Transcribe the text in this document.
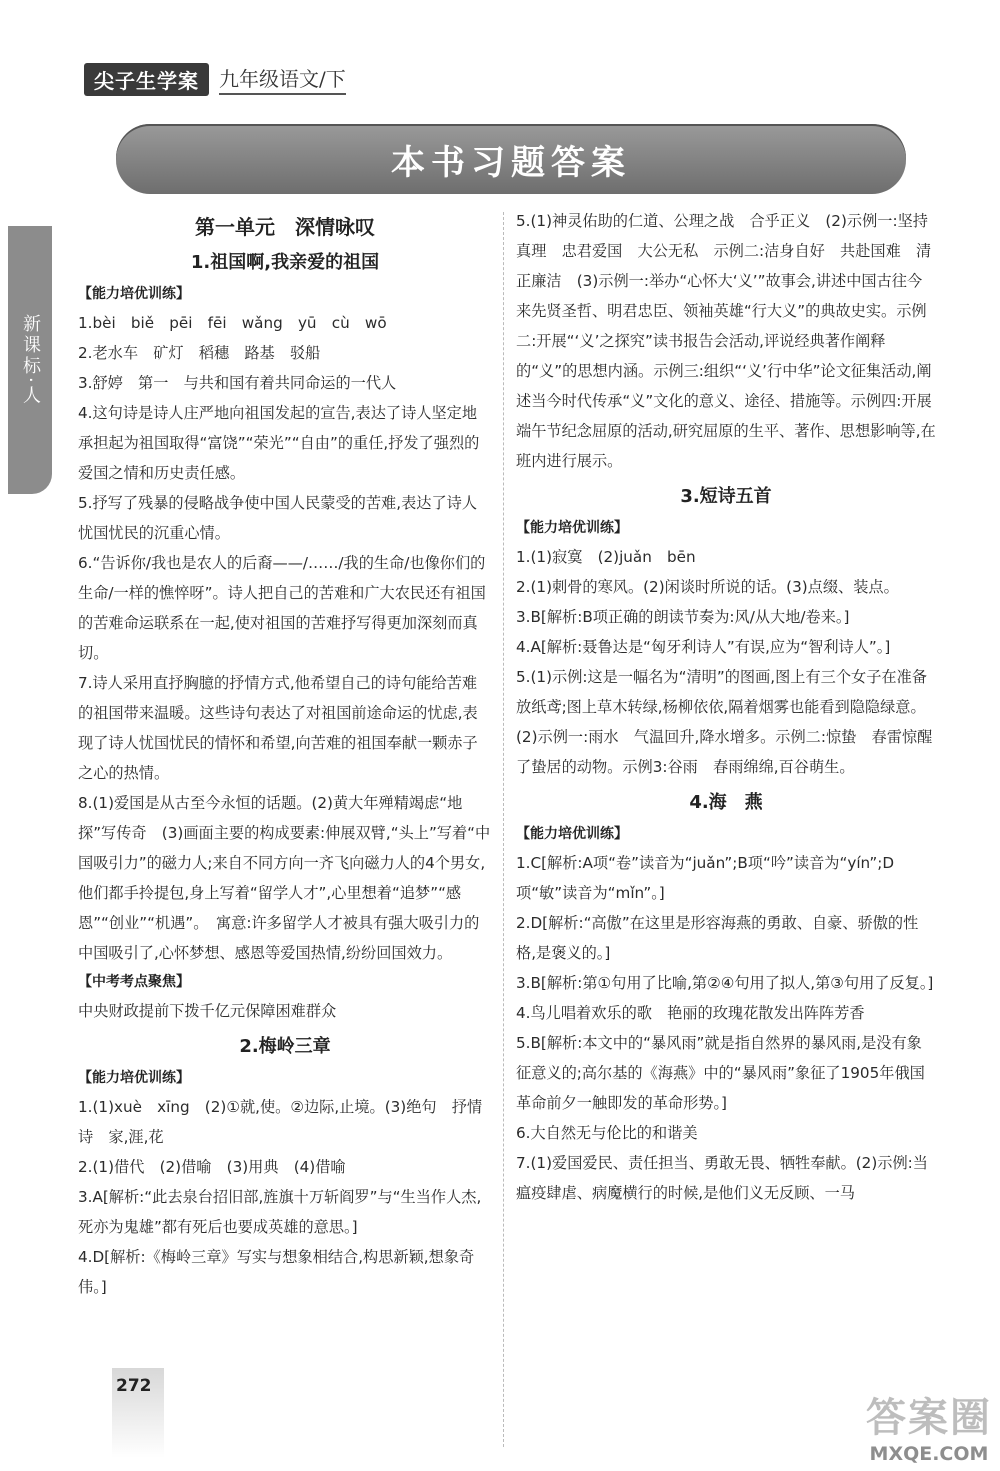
尖子生学案	九年级语文/下
本书习题答案
新课标·人
第一单元　深情咏叹
1.祖国啊,我亲爱的祖国
【能力培优训练】
1.bèi　biě　pēi　fēi　wǎng　yū　cù　wō
2.老水车　矿灯　稻穗　路基　驳船
3.舒婷　第一　与共和国有着共同命运的一代人
4.这句诗是诗人庄严地向祖国发起的宣告,表达了诗人坚定地承担起为祖国取得“富饶”“荣光”“自由”的重任,抒发了强烈的爱国之情和历史责任感。
5.抒写了残暴的侵略战争使中国人民蒙受的苦难,表达了诗人忧国忧民的沉重心情。
6.“告诉你/我也是农人的后裔——/……/我的生命/也像你们的生命/一样的憔悴呀”。诗人把自己的苦难和广大农民还有祖国的苦难命运联系在一起,使对祖国的苦难抒写得更加深刻而真切。
7.诗人采用直抒胸臆的抒情方式,他希望自己的诗句能给苦难的祖国带来温暖。这些诗句表达了对祖国前途命运的忧虑,表现了诗人忧国忧民的情怀和希望,向苦难的祖国奉献一颗赤子之心的热情。
8.(1)爱国是从古至今永恒的话题。(2)黄大年殚精竭虑“地探”写传奇　(3)画面主要的构成要素:伸展双臂,“头上”写着“中国吸引力”的磁力人;来自不同方向一齐飞向磁力人的4个男女,他们都手拎提包,身上写着“留学人才”,心里想着“追梦”“感恩”“创业”“机遇”。　寓意:许多留学人才被具有强大吸引力的中国吸引了,心怀梦想、感恩等爱国热情,纷纷回国效力。
【中考考点聚焦】
中央财政提前下拨千亿元保障困难群众
2.梅岭三章
【能力培优训练】
1.(1)xuè　xīng　(2)①就,使。②边际,止境。(3)绝句　抒情诗　家,涯,花
2.(1)借代　(2)借喻　(3)用典　(4)借喻
3.A[解析:“此去泉台招旧部,旌旗十万斩阎罗”与“生当作人杰,死亦为鬼雄”都有死后也要成英雄的意思。]
4.D[解析:《梅岭三章》写实与想象相结合,构思新颖,想象奇伟。]
5.(1)神灵佑助的仁道、公理之战　合乎正义　(2)示例一:坚持真理　忠君爱国　大公无私　示例二:洁身自好　共赴国难　清正廉洁　(3)示例一:举办“心怀大‘义’”故事会,讲述中国古往今来先贤圣哲、明君忠臣、领袖英雄“行大义”的典故史实。示例二:开展“‘义’之探究”读书报告会活动,评说经典著作阐释的“义”的思想内涵。示例三:组织“‘义’行中华”论文征集活动,阐述当今时代传承“义”文化的意义、途径、措施等。示例四:开展端午节纪念屈原的活动,研究屈原的生平、著作、思想影响等,在班内进行展示。
3.短诗五首
【能力培优训练】
1.(1)寂寞　(2)juǎn　bēn
2.(1)刺骨的寒风。(2)闲谈时所说的话。(3)点缀、装点。
3.B[解析:B项正确的朗读节奏为:风/从大地/卷来。]
4.A[解析:聂鲁达是“匈牙利诗人”有误,应为“智利诗人”。]
5.(1)示例:这是一幅名为“清明”的图画,图上有三个女子在准备放纸鸢;图上草木转绿,杨柳依依,隔着烟雾也能看到隐隐绿意。(2)示例一:雨水　气温回升,降水增多。示例二:惊蛰　春雷惊醒了蛰居的动物。示例3:谷雨　春雨绵绵,百谷萌生。
4.海　燕
【能力培优训练】
1.C[解析:A项“卷”读音为“juǎn”;B项“吟”读音为“yín”;D项“敏”读音为“mǐn”。]
2.D[解析:“高傲”在这里是形容海燕的勇敢、自豪、骄傲的性格,是褒义的。]
3.B[解析:第①句用了比喻,第②④句用了拟人,第③句用了反复。]
4.鸟儿唱着欢乐的歌　艳丽的玫瑰花散发出阵阵芳香
5.B[解析:本文中的“暴风雨”就是指自然界的暴风雨,是没有象征意义的;高尔基的《海燕》中的“暴风雨”象征了1905年俄国革命前夕一触即发的革命形势。]
6.大自然无与伦比的和谐美
7.(1)爱国爱民、责任担当、勇敢无畏、牺牲奉献。(2)示例:当瘟疫肆虐、病魔横行的时候,是他们义无反顾、一马
272
答案圈
MXQE.COM
